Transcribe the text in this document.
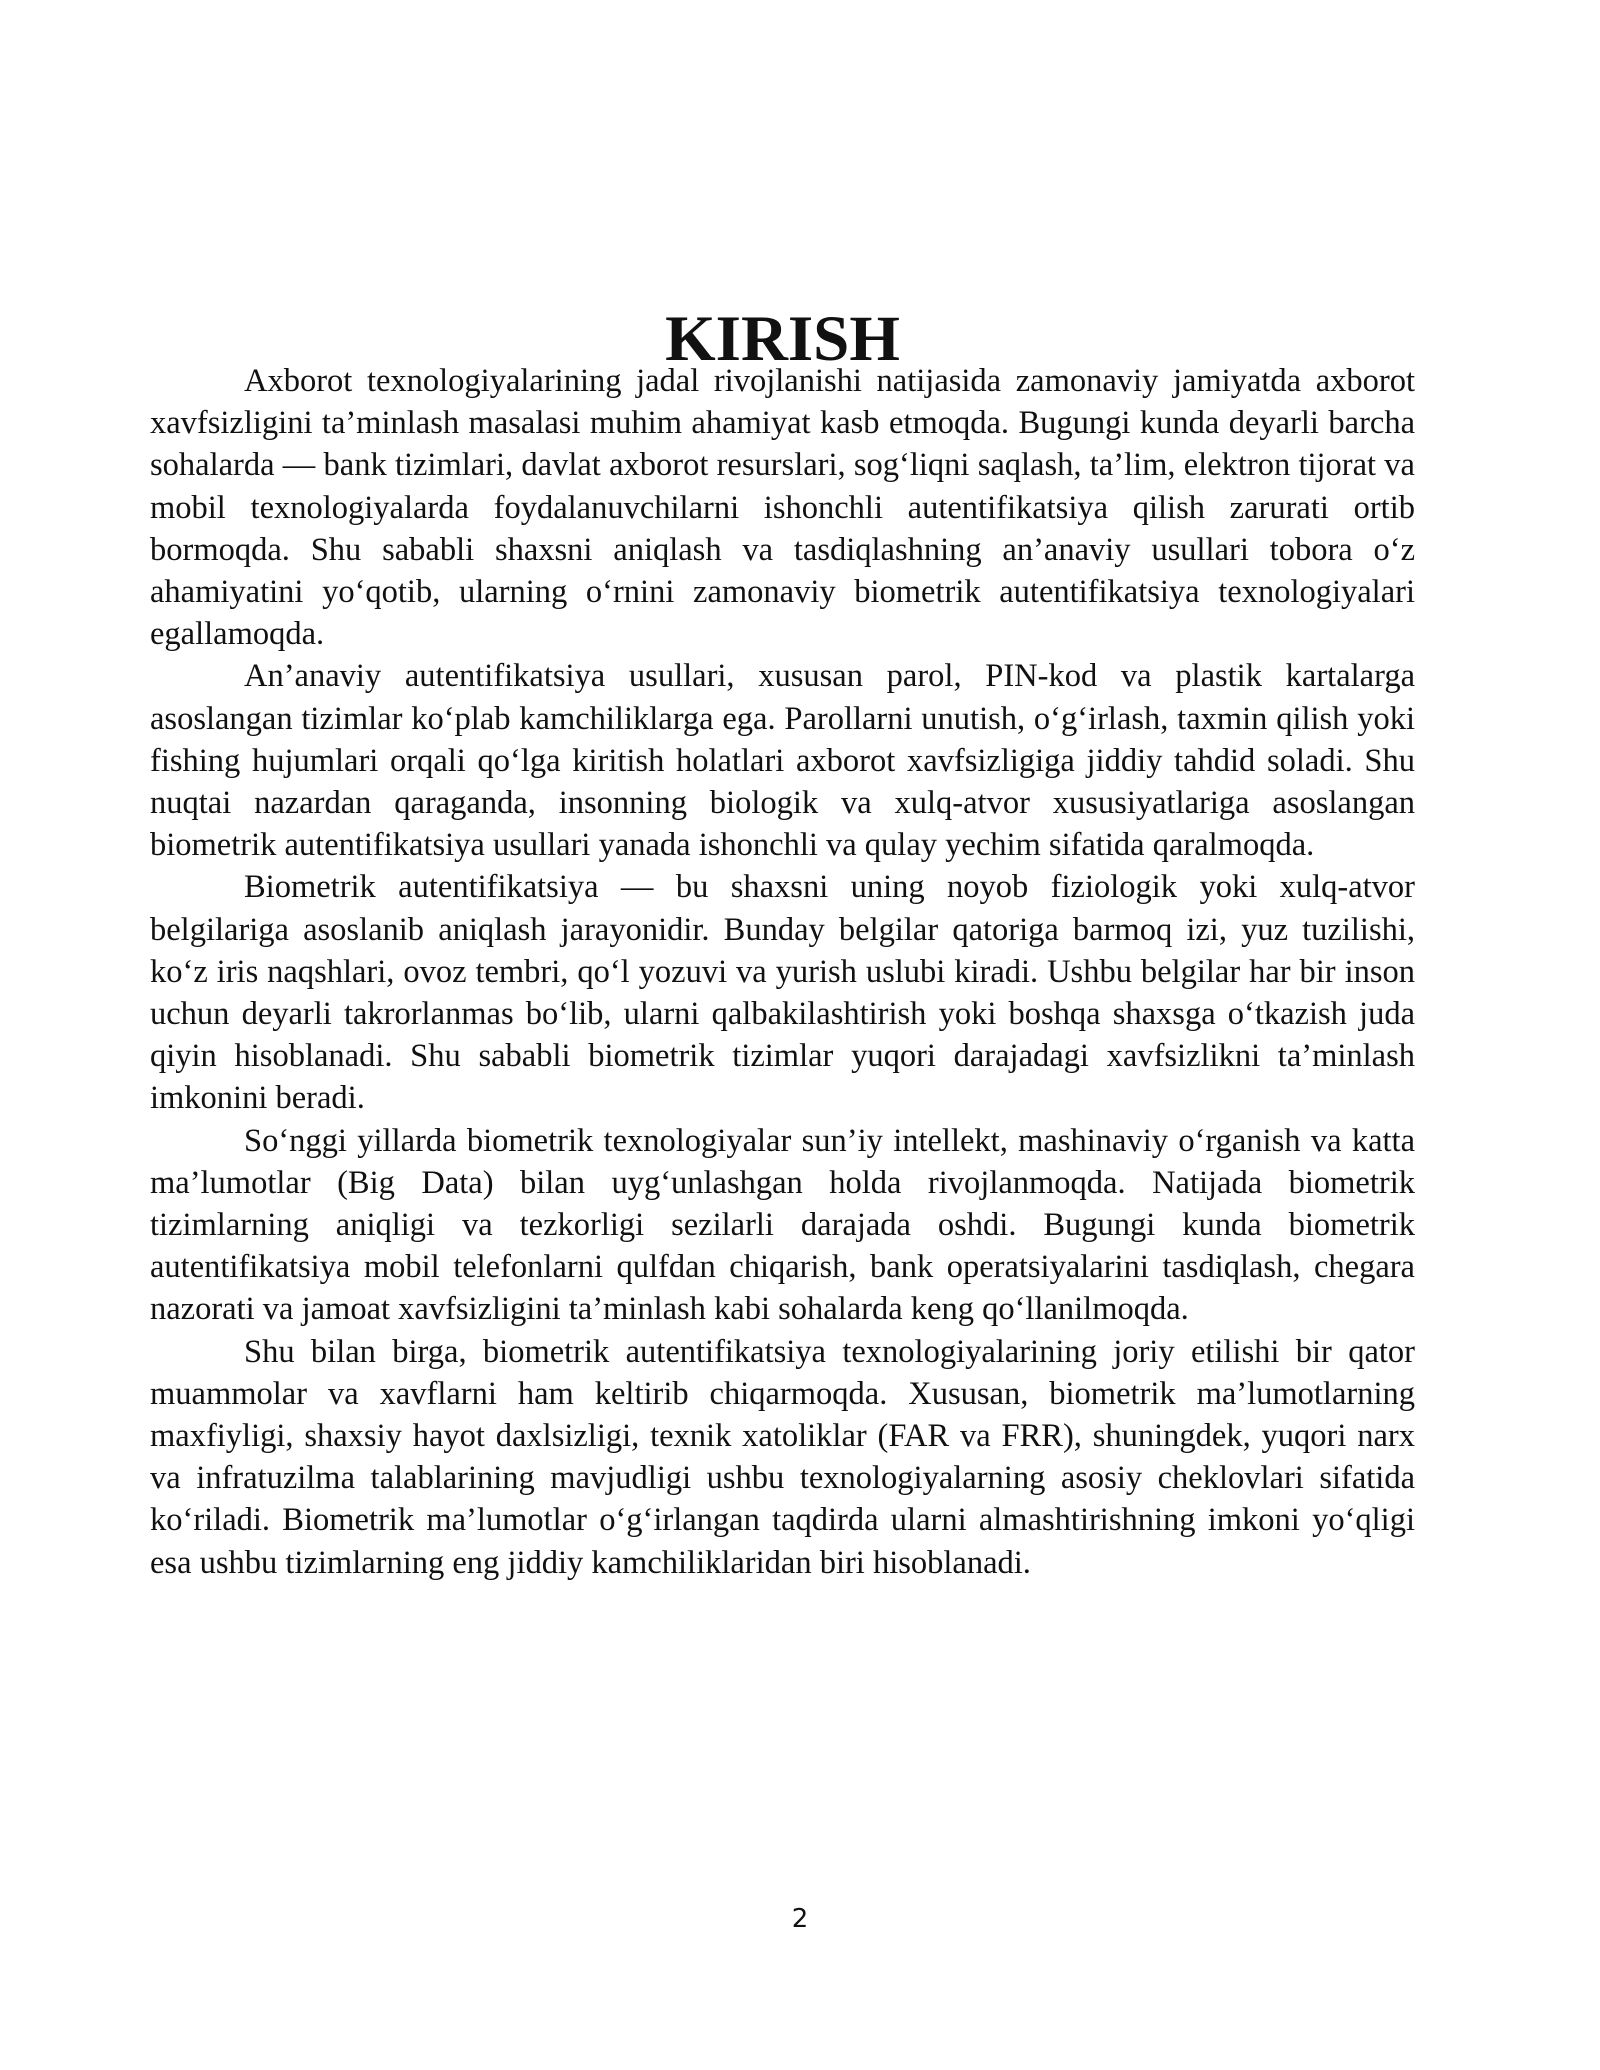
KIRISH

Axborot texnologiyalarining jadal rivojlanishi natijasida zamonaviy jamiyatda axborot xavfsizligini ta’minlash masalasi muhim ahamiyat kasb etmoqda. Bugungi kunda deyarli barcha sohalarda — bank tizimlari, davlat axborot resurslari, sog‘liqni saqlash, ta’lim, elektron tijorat va mobil texnologiyalarda foydalanuvchilarni ishonchli autentifikatsiya qilish zarurati ortib bormoqda. Shu sababli shaxsni aniqlash va tasdiqlashning an’anaviy usullari tobora o‘z ahamiyatini yo‘qotib, ularning o‘rnini zamonaviy biometrik autentifikatsiya texnologiyalari egallamoqda.

An’anaviy autentifikatsiya usullari, xususan parol, PIN-kod va plastik kartalarga asoslangan tizimlar ko‘plab kamchiliklarga ega. Parollarni unutish, o‘g‘irlash, taxmin qilish yoki fishing hujumlari orqali qo‘lga kiritish holatlari axborot xavfsizligiga jiddiy tahdid soladi. Shu nuqtai nazardan qaraganda, insonning biologik va xulq-atvor xususiyatlariga asoslangan biometrik autentifikatsiya usullari yanada ishonchli va qulay yechim sifatida qaralmoqda.

Biometrik autentifikatsiya — bu shaxsni uning noyob fiziologik yoki xulq-atvor belgilariga asoslanib aniqlash jarayonidir. Bunday belgilar qatoriga barmoq izi, yuz tuzilishi, ko‘z iris naqshlari, ovoz tembri, qo‘l yozuvi va yurish uslubi kiradi. Ushbu belgilar har bir inson uchun deyarli takrorlanmas bo‘lib, ularni qalbakilashtirish yoki boshqa shaxsga o‘tkazish juda qiyin hisoblanadi. Shu sababli biometrik tizimlar yuqori darajadagi xavfsizlikni ta’minlash imkonini beradi.

So‘nggi yillarda biometrik texnologiyalar sun’iy intellekt, mashinaviy o‘rganish va katta ma’lumotlar (Big Data) bilan uyg‘unlashgan holda rivojlanmoqda. Natijada biometrik tizimlarning aniqligi va tezkorligi sezilarli darajada oshdi. Bugungi kunda biometrik autentifikatsiya mobil telefonlarni qulfdan chiqarish, bank operatsiyalarini tasdiqlash, chegara nazorati va jamoat xavfsizligini ta’minlash kabi sohalarda keng qo‘llanilmoqda.

Shu bilan birga, biometrik autentifikatsiya texnologiyalarining joriy etilishi bir qator muammolar va xavflarni ham keltirib chiqarmoqda. Xususan, biometrik ma’lumotlarning maxfiyligi, shaxsiy hayot daxlsizligi, texnik xatoliklar (FAR va FRR), shuningdek, yuqori narx va infratuzilma talablarining mavjudligi ushbu texnologiyalarning asosiy cheklovlari sifatida ko‘riladi. Biometrik ma’lumotlar o‘g‘irlangan taqdirda ularni almashtirishning imkoni yo‘qligi esa ushbu tizimlarning eng jiddiy kamchiliklaridan biri hisoblanadi.

2
